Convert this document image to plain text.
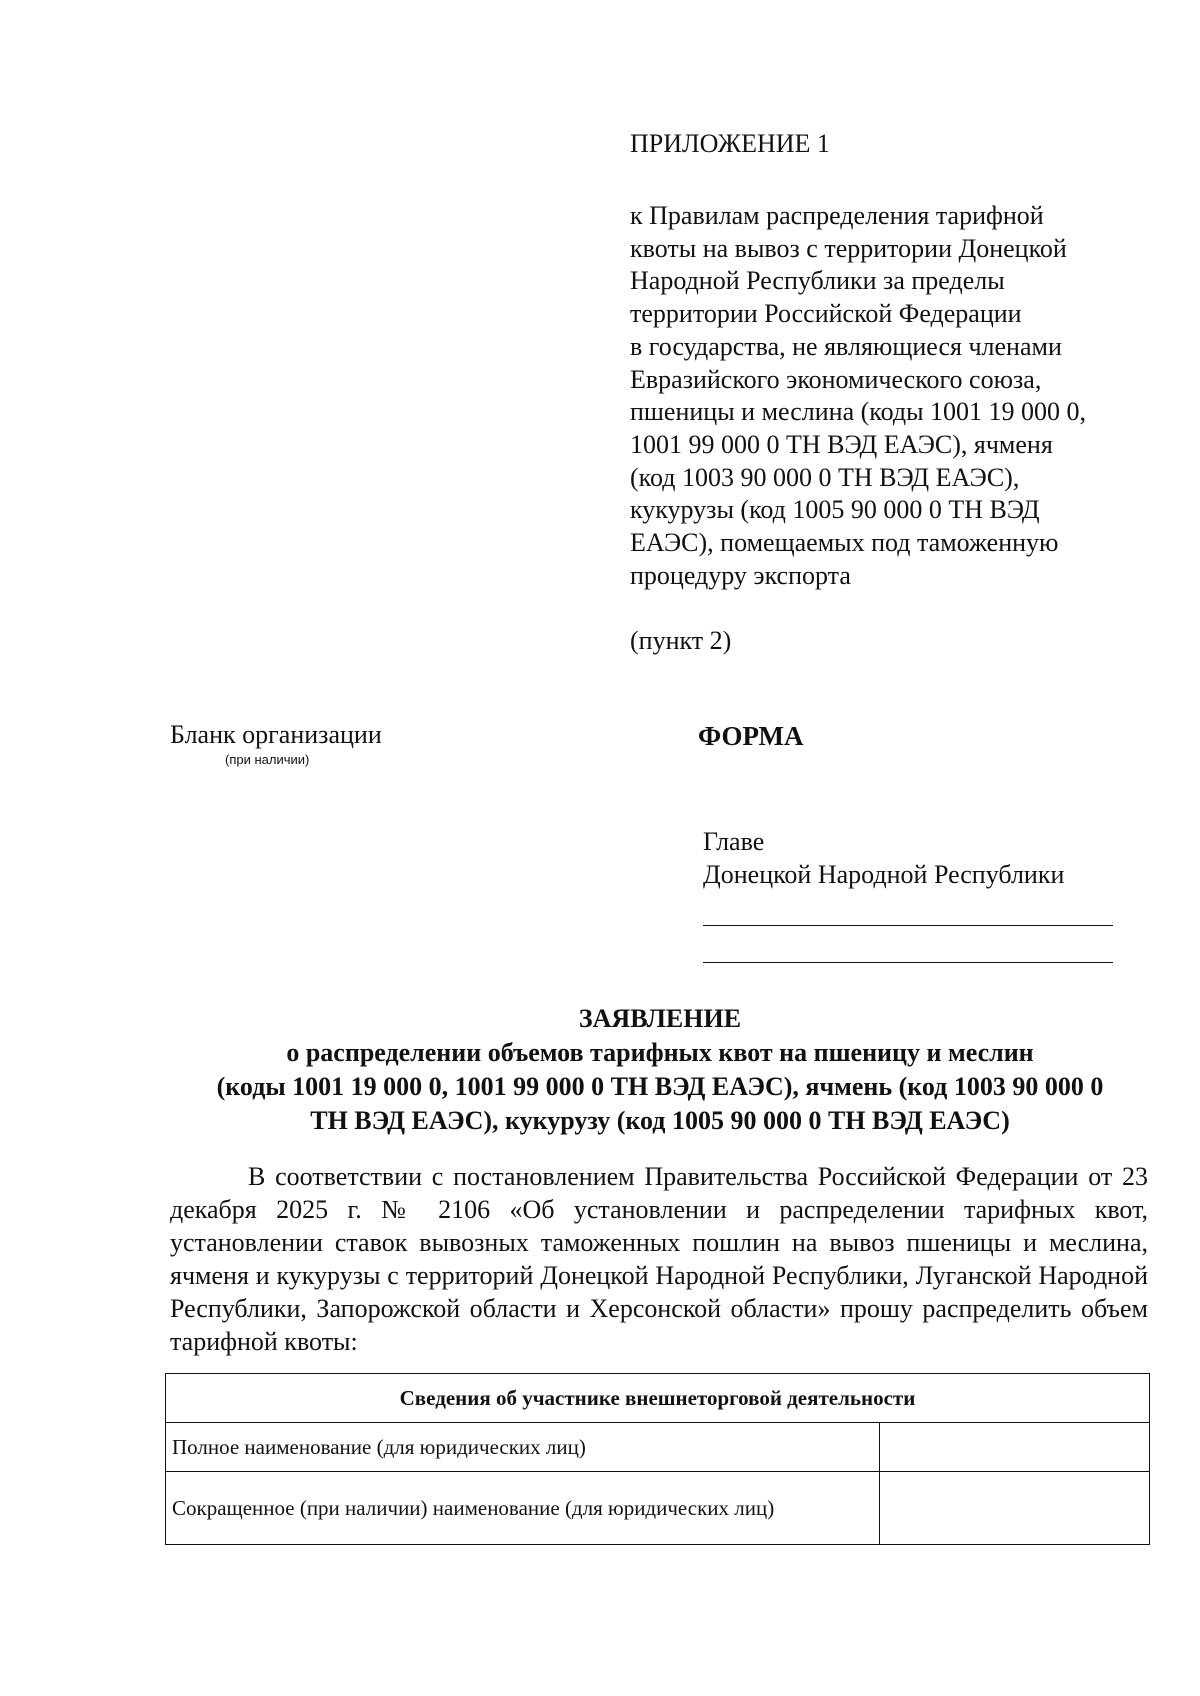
ПРИЛОЖЕНИЕ 1
к Правилам распределения тарифной
квоты на вывоз с территории Донецкой
Народной Республики за пределы
территории Российской Федерации
в государства, не являющиеся членами
Евразийского экономического союза,
пшеницы и меслина (коды 1001 19 000 0,
1001 99 000 0 ТН ВЭД ЕАЭС), ячменя
(код 1003 90 000 0 ТН ВЭД ЕАЭС),
кукурузы (код 1005 90 000 0 ТН ВЭД
ЕАЭС), помещаемых под таможенную
процедуру экспорта
(пункт 2)
Бланк организации
(при наличии)
ФОРМА
Главе
Донецкой Народной Республики
ЗАЯВЛЕНИЕ
о распределении объемов тарифных квот на пшеницу и меслин
(коды 1001 19 000 0, 1001 99 000 0 ТН ВЭД ЕАЭС), ячмень (код 1003 90 000 0
ТН ВЭД ЕАЭС), кукурузу (код 1005 90 000 0 ТН ВЭД ЕАЭС)
В соответствии с постановлением Правительства Российской Федерации от 23 декабря 2025 г. № 2106 «Об установлении и распределении тарифных квот, установлении ставок вывозных таможенных пошлин на вывоз пшеницы и меслина, ячменя и кукурузы с территорий Донецкой Народной Республики, Луганской Народной Республики, Запорожской области и Херсонской области» прошу распределить объем тарифной квоты:
Сведения об участнике внешнеторговой деятельности	
Полное наименование (для юридических лиц)	
Сокращенное (при наличии) наименование (для юридических лиц)	
